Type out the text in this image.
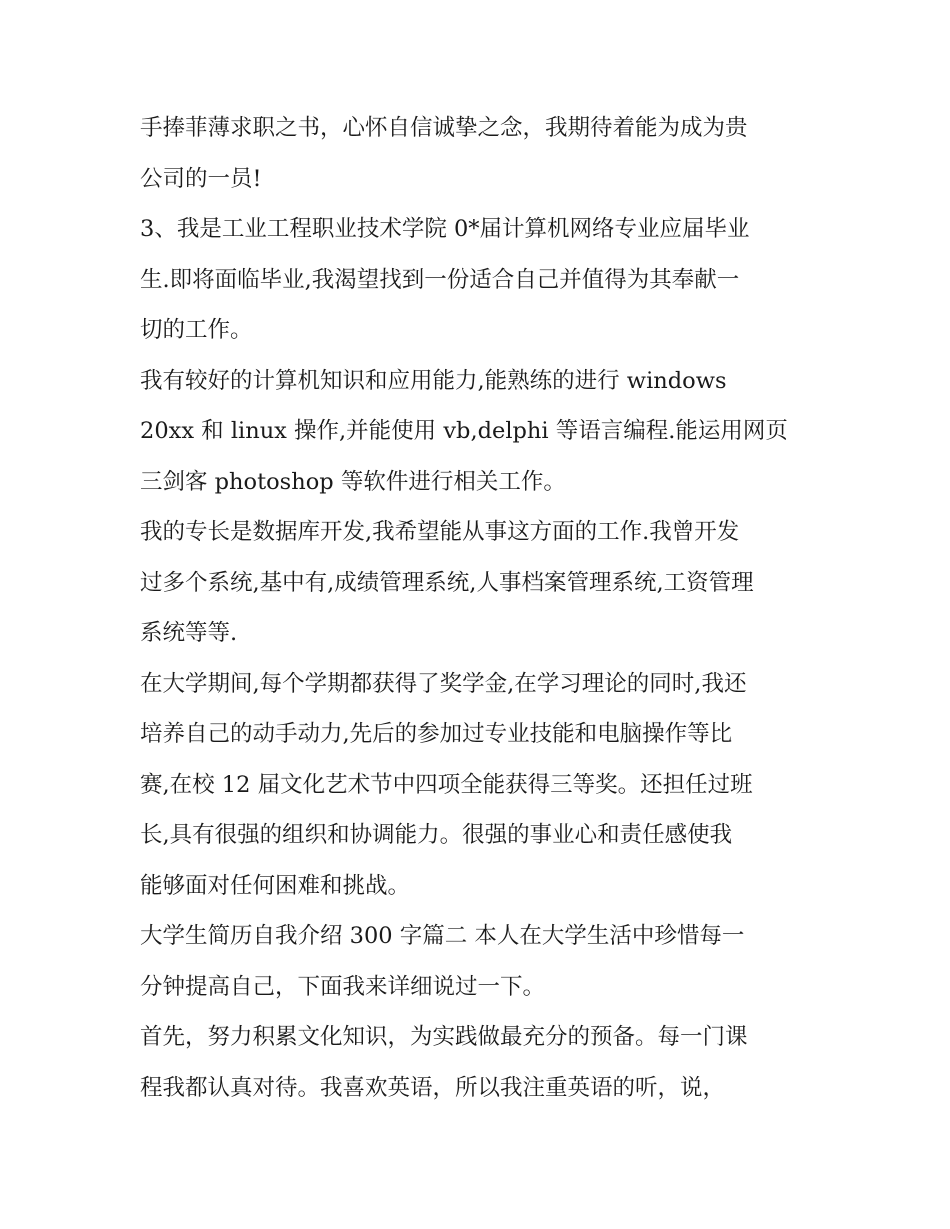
手捧菲薄求职之书，心怀自信诚挚之念，我期待着能为成为贵
公司的一员!
3、我是工业工程职业技术学院 0*届计算机网络专业应届毕业
生.即将面临毕业,我渴望找到一份适合自己并值得为其奉献一
切的工作。
我有较好的计算机知识和应用能力,能熟练的进行 windows
20xx 和 linux 操作,并能使用 vb,delphi 等语言编程.能运用网页
三剑客 photoshop 等软件进行相关工作。
我的专长是数据库开发,我希望能从事这方面的工作.我曾开发
过多个系统,基中有,成绩管理系统,人事档案管理系统,工资管理
系统等等.
在大学期间,每个学期都获得了奖学金,在学习理论的同时,我还
培养自己的动手动力,先后的参加过专业技能和电脑操作等比
赛,在校 12 届文化艺术节中四项全能获得三等奖。还担任过班
长,具有很强的组织和协调能力。很强的事业心和责任感使我
能够面对任何困难和挑战。
大学生简历自我介绍 300 字篇二 本人在大学生活中珍惜每一
分钟提高自己，下面我来详细说过一下。
首先，努力积累文化知识，为实践做最充分的预备。每一门课
程我都认真对待。我喜欢英语，所以我注重英语的听，说，
